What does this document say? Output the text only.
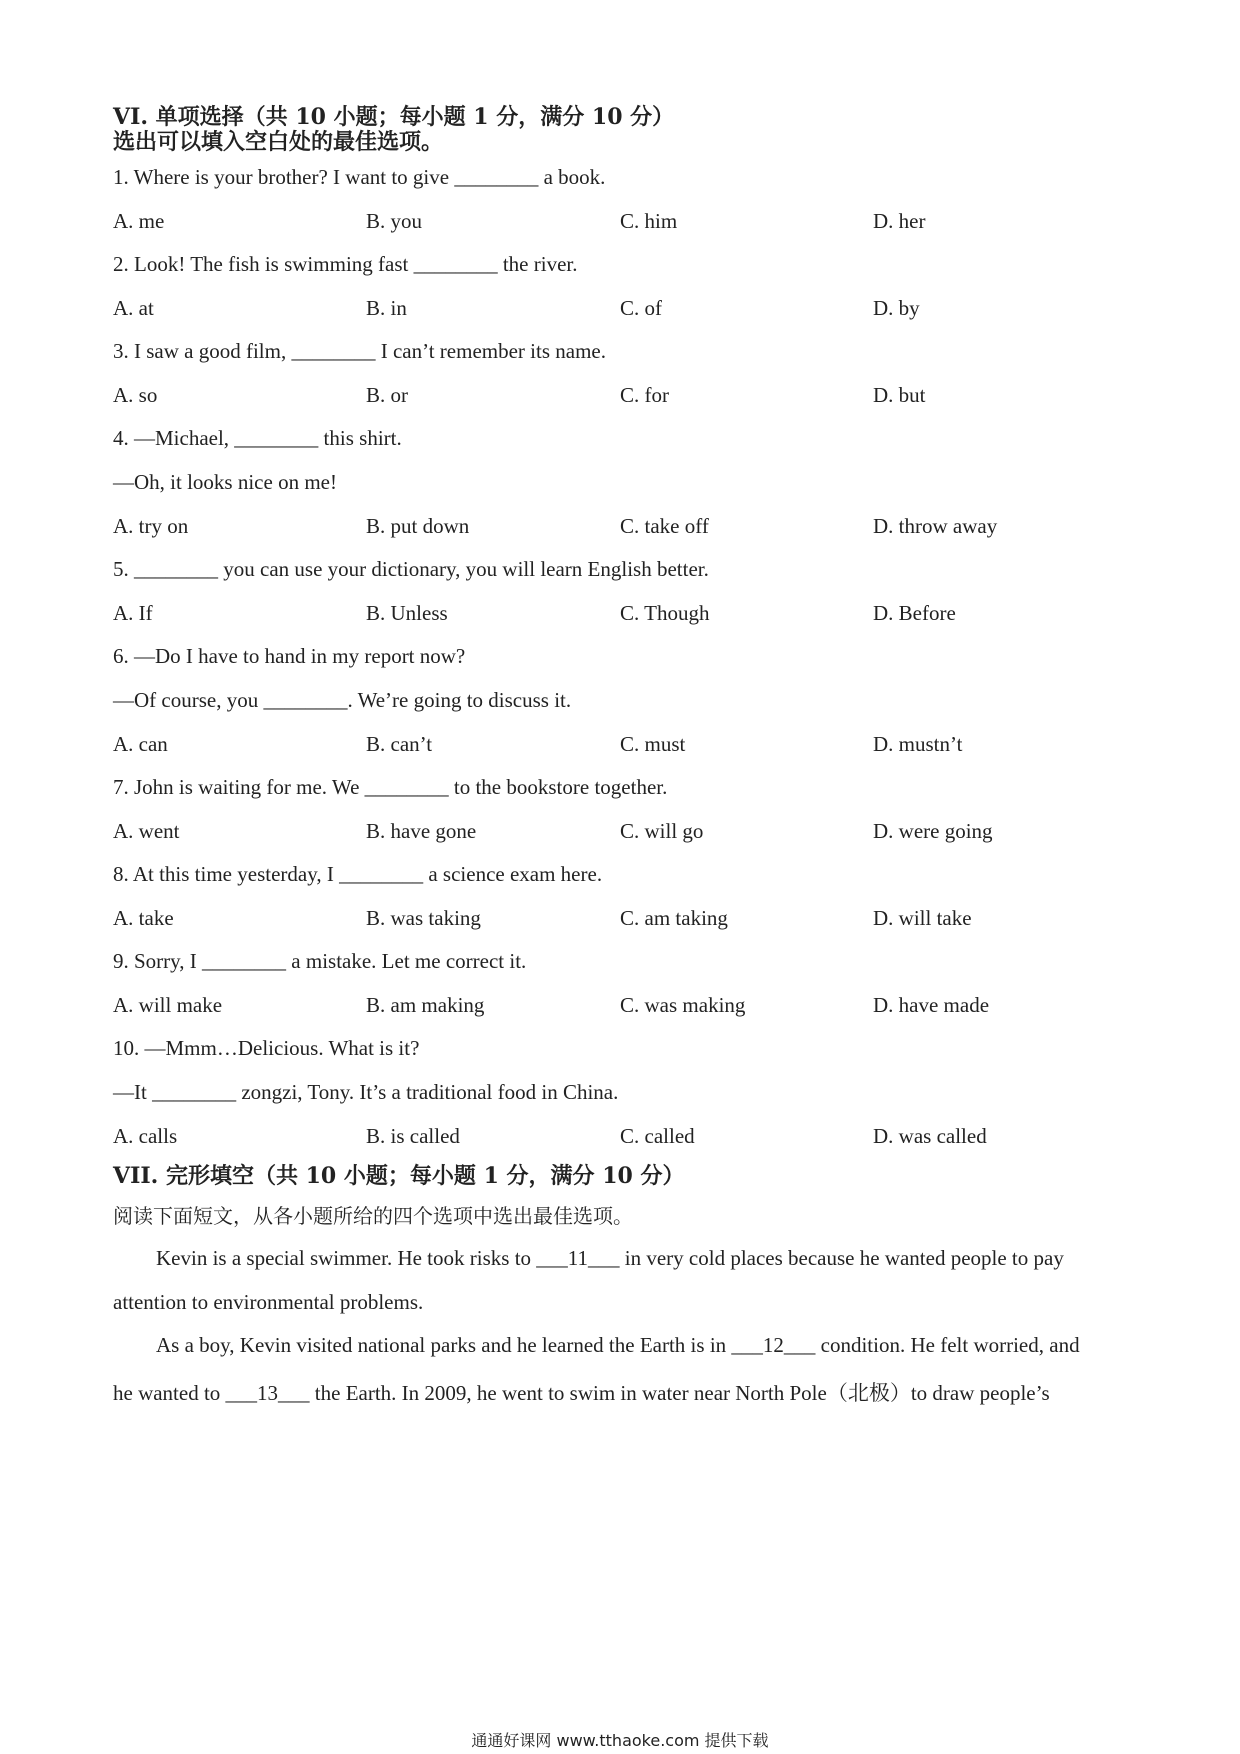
VI. 单项选择（共 10 小题；每小题 1 分，满分 10 分）
选出可以填入空白处的最佳选项。
1. Where is your brother? I want to give ________ a book.
A. me	B. you	C. him	D. her
2. Look! The fish is swimming fast ________ the river.
A. at	B. in	C. of	D. by
3. I saw a good film, ________ I can’t remember its name.
A. so	B. or	C. for	D. but
4. —Michael, ________ this shirt.
—Oh, it looks nice on me!
A. try on	B. put down	C. take off	D. throw away
5. ________ you can use your dictionary, you will learn English better.
A. If	B. Unless	C. Though	D. Before
6. —Do I have to hand in my report now?
—Of course, you ________. We’re going to discuss it.
A. can	B. can’t	C. must	D. mustn’t
7. John is waiting for me. We ________ to the bookstore together.
A. went	B. have gone	C. will go	D. were going
8. At this time yesterday, I ________ a science exam here.
A. take	B. was taking	C. am taking	D. will take
9. Sorry, I ________ a mistake. Let me correct it.
A. will make	B. am making	C. was making	D. have made
10. —Mmm…Delicious. What is it?
—It ________ zongzi, Tony. It’s a traditional food in China.
A. calls	B. is called	C. called	D. was called
VII. 完形填空（共 10 小题；每小题 1 分，满分 10 分）
阅读下面短文，从各小题所给的四个选项中选出最佳选项。
Kevin is a special swimmer. He took risks to ___11___ in very cold places because he wanted people to pay
attention to environmental problems.
As a boy, Kevin visited national parks and he learned the Earth is in ___12___ condition. He felt worried, and
he wanted to ___13___ the Earth. In 2009, he went to swim in water near North Pole（北极）to draw people’s
通通好课网 www.tthaoke.com 提供下载
